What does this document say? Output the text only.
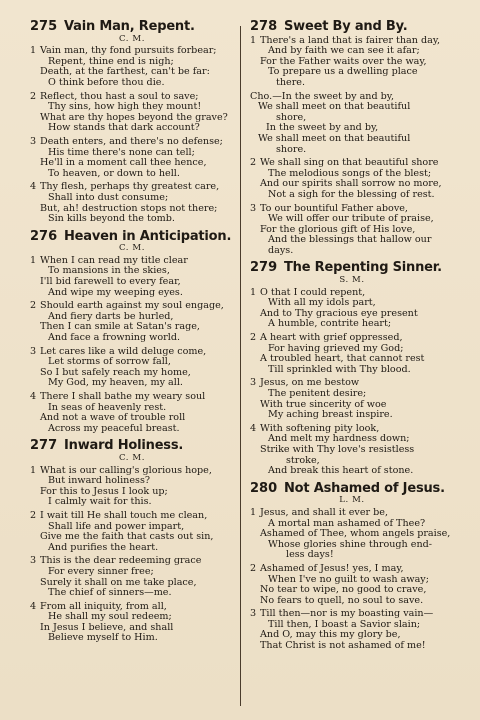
275 Vain Man, Repent.
C. M.
1 Vain man, thy fond pursuits forbear;
Repent, thine end is nigh;
Death, at the farthest, can't be far:
O think before thou die.
2 Reflect, thou hast a soul to save;
Thy sins, how high they mount!
What are thy hopes beyond the grave?
How stands that dark account?
3 Death enters, and there's no defense;
His time there's none can tell;
He'll in a moment call thee hence,
To heaven, or down to hell.
4 Thy flesh, perhaps thy greatest care,
Shall into dust consume;
But, ah! destruction stops not there;
Sin kills beyond the tomb.
276 Heaven in Anticipation.
C. M.
1 When I can read my title clear
To mansions in the skies,
I'll bid farewell to every fear,
And wipe my weeping eyes.
2 Should earth against my soul engage,
And fiery darts be hurled,
Then I can smile at Satan's rage,
And face a frowning world.
3 Let cares like a wild deluge come,
Let storms of sorrow fall,
So I but safely reach my home,
My God, my heaven, my all.
4 There I shall bathe my weary soul
In seas of heavenly rest.
And not a wave of trouble roll
Across my peaceful breast.
277 Inward Holiness.
C. M.
1 What is our calling's glorious hope,
But inward holiness?
For this to Jesus I look up;
I calmly wait for this.
2 I wait till He shall touch me clean,
Shall life and power impart,
Give me the faith that casts out sin,
And purifies the heart.
3 This is the dear redeeming grace
For every sinner free;
Surely it shall on me take place,
The chief of sinners—me.
4 From all iniquity, from all,
He shall my soul redeem;
In Jesus I believe, and shall
Believe myself to Him.
278 Sweet By and By.
1 There's a land that is fairer than day,
And by faith we can see it afar;
For the Father waits over the way,
To prepare us a dwelling place
there.
Cho.—In the sweet by and by,
We shall meet on that beautiful
shore,
In the sweet by and by,
We shall meet on that beautiful
shore.
2 We shall sing on that beautiful shore
The melodious songs of the blest;
And our spirits shall sorrow no more,
Not a sigh for the blessing of rest.
3 To our bountiful Father above,
We will offer our tribute of praise,
For the glorious gift of His love,
And the blessings that hallow our
days.
279 The Repenting Sinner.
S. M.
1 O that I could repent,
With all my idols part,
And to Thy gracious eye present
A humble, contrite heart;
2 A heart with grief oppressed,
For having grieved my God;
A troubled heart, that cannot rest
Till sprinkled with Thy blood.
3 Jesus, on me bestow
The penitent desire;
With true sincerity of woe
My aching breast inspire.
4 With softening pity look,
And melt my hardness down;
Strike with Thy love's resistless
stroke,
And break this heart of stone.
280 Not Ashamed of Jesus.
L. M.
1 Jesus, and shall it ever be,
A mortal man ashamed of Thee?
Ashamed of Thee, whom angels praise,
Whose glories shine through end-
less days!
2 Ashamed of Jesus! yes, I may,
When I've no guilt to wash away;
No tear to wipe, no good to crave,
No fears to quell, no soul to save.
3 Till then—nor is my boasting vain—
Till then, I boast a Savior slain;
And O, may this my glory be,
That Christ is not ashamed of me!
